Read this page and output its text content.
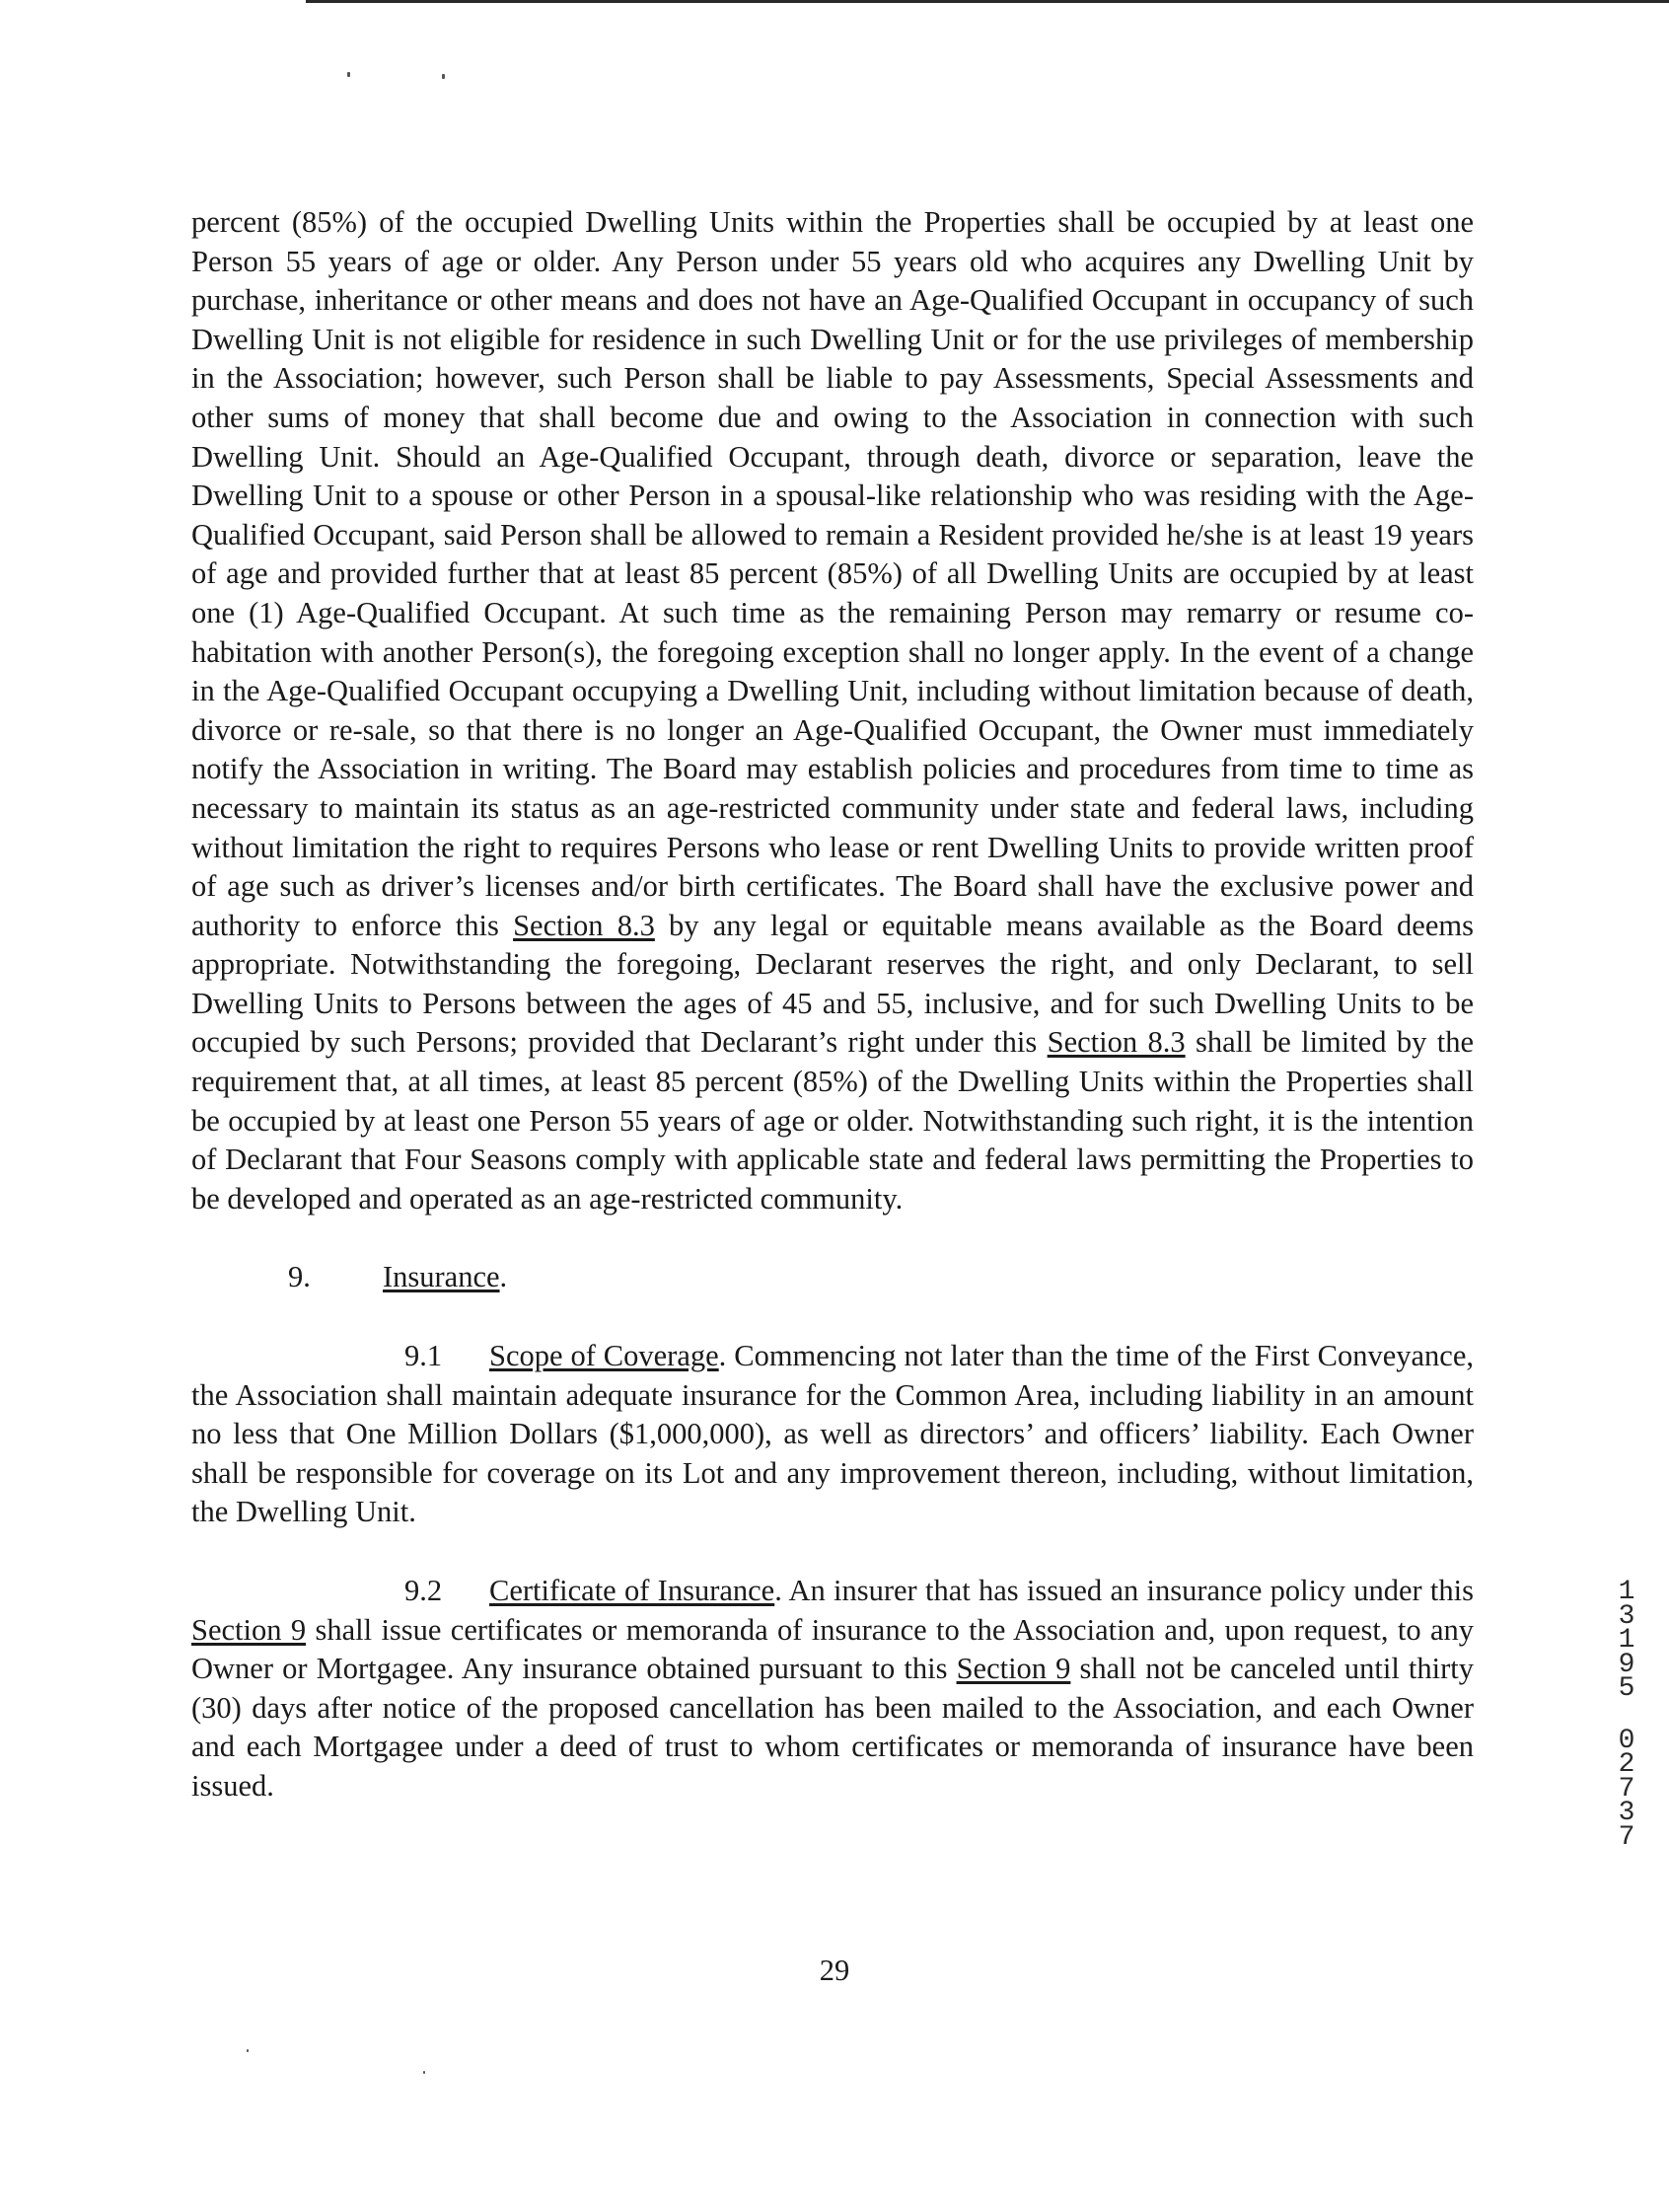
percent (85%) of the occupied Dwelling Units within the Properties shall be occupied by at least one Person 55 years of age or older. Any Person under 55 years old who acquires any Dwelling Unit by purchase, inheritance or other means and does not have an Age-Qualified Occupant in occupancy of such Dwelling Unit is not eligible for residence in such Dwelling Unit or for the use privileges of membership in the Association; however, such Person shall be liable to pay Assessments, Special Assessments and other sums of money that shall become due and owing to the Association in connection with such Dwelling Unit. Should an Age-Qualified Occupant, through death, divorce or separation, leave the Dwelling Unit to a spouse or other Person in a spousal-like relationship who was residing with the Age-Qualified Occupant, said Person shall be allowed to remain a Resident provided he/she is at least 19 years of age and provided further that at least 85 percent (85%) of all Dwelling Units are occupied by at least one (1) Age-Qualified Occupant. At such time as the remaining Person may remarry or resume co-habitation with another Person(s), the foregoing exception shall no longer apply. In the event of a change in the Age-Qualified Occupant occupying a Dwelling Unit, including without limitation because of death, divorce or re-sale, so that there is no longer an Age-Qualified Occupant, the Owner must immediately notify the Association in writing. The Board may establish policies and procedures from time to time as necessary to maintain its status as an age-restricted community under state and federal laws, including without limitation the right to requires Persons who lease or rent Dwelling Units to provide written proof of age such as driver’s licenses and/or birth certificates. The Board shall have the exclusive power and authority to enforce this Section 8.3 by any legal or equitable means available as the Board deems appropriate. Notwithstanding the foregoing, Declarant reserves the right, and only Declarant, to sell Dwelling Units to Persons between the ages of 45 and 55, inclusive, and for such Dwelling Units to be occupied by such Persons; provided that Declarant’s right under this Section 8.3 shall be limited by the requirement that, at all times, at least 85 percent (85%) of the Dwelling Units within the Properties shall be occupied by at least one Person 55 years of age or older. Notwithstanding such right, it is the intention of Declarant that Four Seasons comply with applicable state and federal laws permitting the Properties to be developed and operated as an age-restricted community.

9. Insurance.

9.1 Scope of Coverage. Commencing not later than the time of the First Conveyance, the Association shall maintain adequate insurance for the Common Area, including liability in an amount no less that One Million Dollars ($1,000,000), as well as directors’ and officers’ liability. Each Owner shall be responsible for coverage on its Lot and any improvement thereon, including, without limitation, the Dwelling Unit.

9.2 Certificate of Insurance. An insurer that has issued an insurance policy under this Section 9 shall issue certificates or memoranda of insurance to the Association and, upon request, to any Owner or Mortgagee. Any insurance obtained pursuant to this Section 9 shall not be canceled until thirty (30) days after notice of the proposed cancellation has been mailed to the Association, and each Owner and each Mortgagee under a deed of trust to whom certificates or memoranda of insurance have been issued.

29
1
3
1
9
5
0
2
7
3
7
